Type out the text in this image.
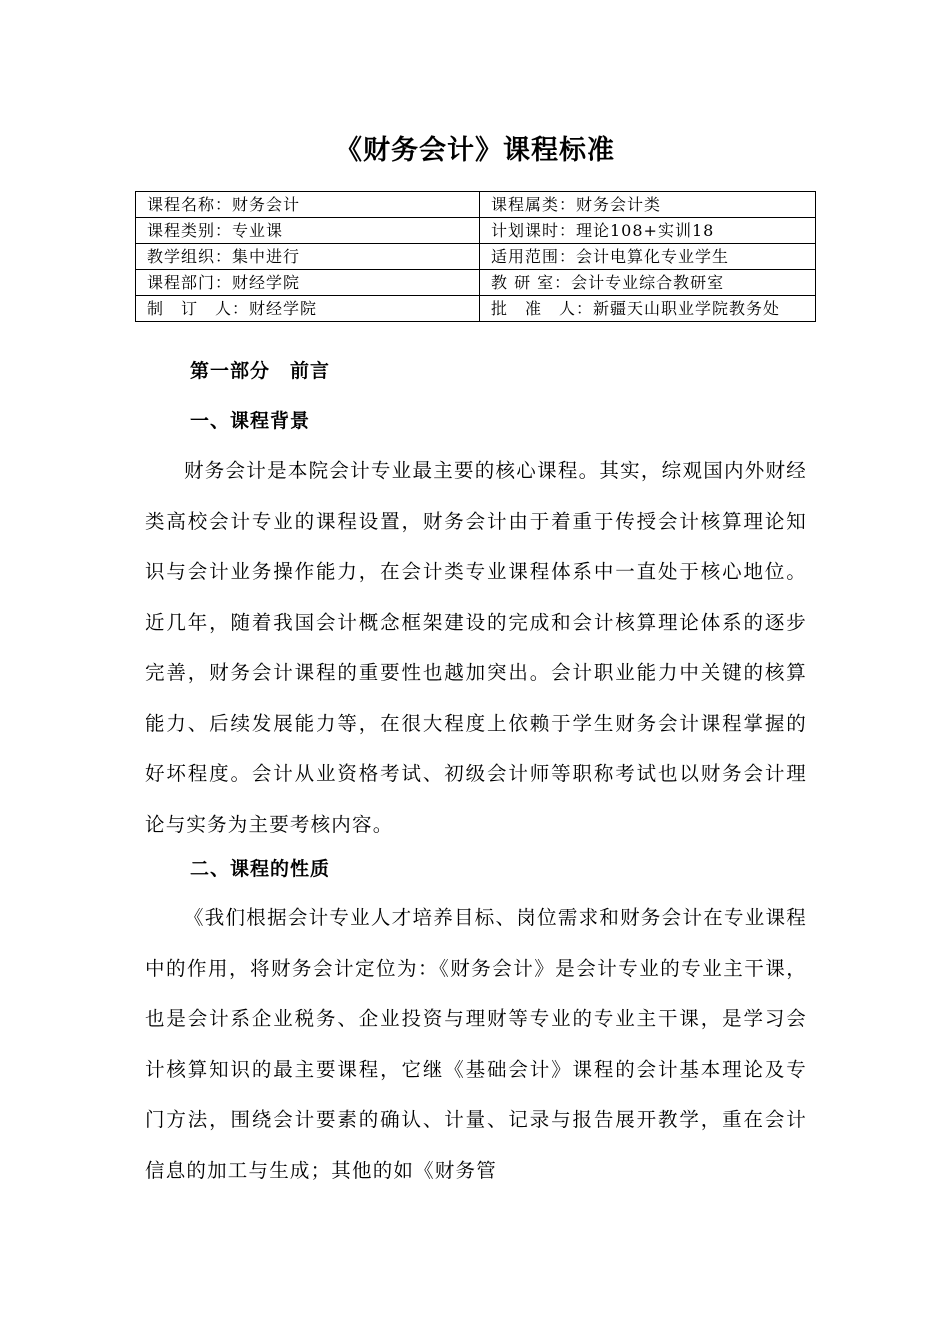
《财务会计》课程标准
课程名称：财务会计	课程属类：财务会计类
课程类别：专业课	计划课时：理论108+实训18
教学组织：集中进行	适用范围：会计电算化专业学生
课程部门：财经学院	教 研 室：会计专业综合教研室
制　订　人：财经学院	批　准　人：新疆天山职业学院教务处
第一部分　前言
一、课程背景
财务会计是本院会计专业最主要的核心课程。其实，综观国内外财经类高校会计专业的课程设置，财务会计由于着重于传授会计核算理论知识与会计业务操作能力，在会计类专业课程体系中一直处于核心地位。近几年，随着我国会计概念框架建设的完成和会计核算理论体系的逐步完善，财务会计课程的重要性也越加突出。会计职业能力中关键的核算能力、后续发展能力等，在很大程度上依赖于学生财务会计课程掌握的好坏程度。会计从业资格考试、初级会计师等职称考试也以财务会计理论与实务为主要考核内容。
二、课程的性质
《我们根据会计专业人才培养目标、岗位需求和财务会计在专业课程中的作用，将财务会计定位为：《财务会计》是会计专业的专业主干课，也是会计系企业税务、企业投资与理财等专业的专业主干课，是学习会计核算知识的最主要课程，它继《基础会计》课程的会计基本理论及专门方法，围绕会计要素的确认、计量、记录与报告展开教学，重在会计信息的加工与生成；其他的如《财务管
